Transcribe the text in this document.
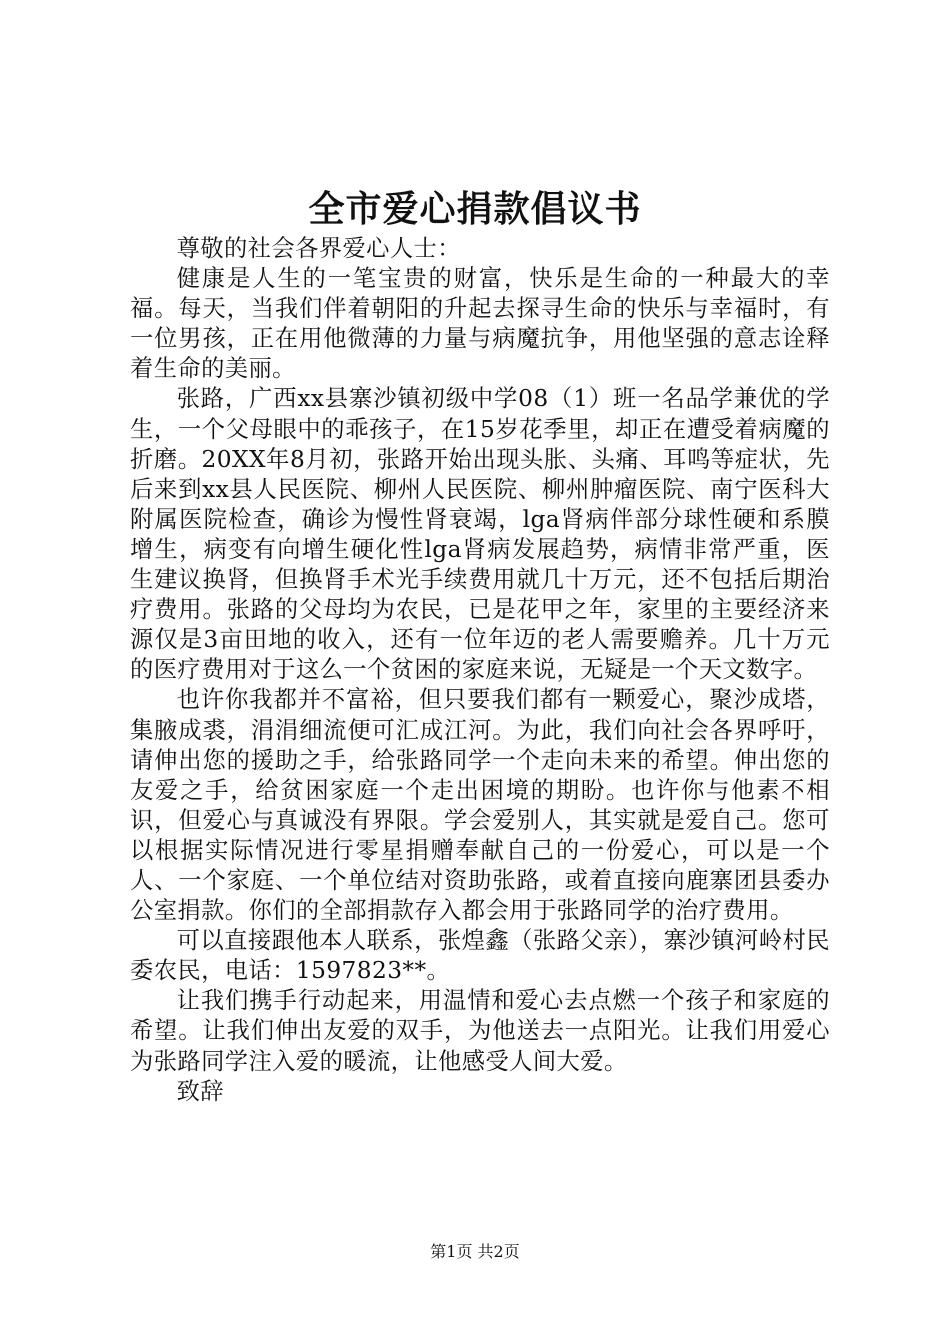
全市爱心捐款倡议书

尊敬的社会各界爱心人士：

健康是人生的一笔宝贵的财富，快乐是生命的一种最大的幸福。每天，当我们伴着朝阳的升起去探寻生命的快乐与幸福时，有一位男孩，正在用他微薄的力量与病魔抗争，用他坚强的意志诠释着生命的美丽。

张路，广西xx县寨沙镇初级中学08（1）班一名品学兼优的学生，一个父母眼中的乖孩子，在15岁花季里，却正在遭受着病魔的折磨。20XX年8月初，张路开始出现头胀、头痛、耳鸣等症状，先后来到xx县人民医院、柳州人民医院、柳州肿瘤医院、南宁医科大附属医院检查，确诊为慢性肾衰竭，lga肾病伴部分球性硬和系膜增生，病变有向增生硬化性lga肾病发展趋势，病情非常严重，医生建议换肾，但换肾手术光手续费用就几十万元，还不包括后期治疗费用。张路的父母均为农民，已是花甲之年，家里的主要经济来源仅是3亩田地的收入，还有一位年迈的老人需要赡养。几十万元的医疗费用对于这么一个贫困的家庭来说，无疑是一个天文数字。

也许你我都并不富裕，但只要我们都有一颗爱心，聚沙成塔，集腋成裘，涓涓细流便可汇成江河。为此，我们向社会各界呼吁，请伸出您的援助之手，给张路同学一个走向未来的希望。伸出您的友爱之手，给贫困家庭一个走出困境的期盼。也许你与他素不相识，但爱心与真诚没有界限。学会爱别人，其实就是爱自己。您可以根据实际情况进行零星捐赠奉献自己的一份爱心，可以是一个人、一个家庭、一个单位结对资助张路，或着直接向鹿寨团县委办公室捐款。你们的全部捐款存入都会用于张路同学的治疗费用。

可以直接跟他本人联系，张煌鑫（张路父亲），寨沙镇河岭村民委农民，电话：1597823**。

让我们携手行动起来，用温情和爱心去点燃一个孩子和家庭的希望。让我们伸出友爱的双手，为他送去一点阳光。让我们用爱心为张路同学注入爱的暖流，让他感受人间大爱。

致辞

第1页 共2页
